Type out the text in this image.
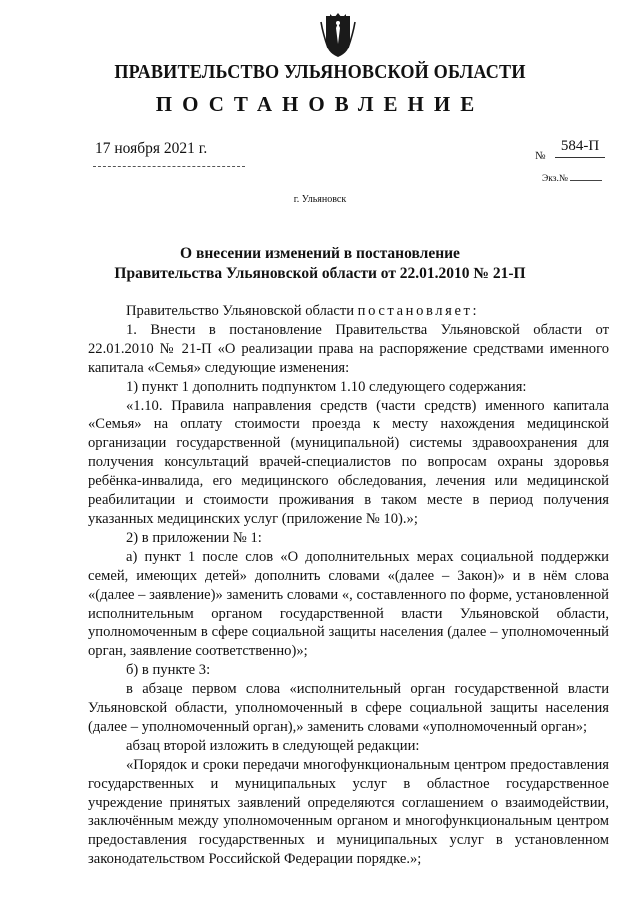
ПРАВИТЕЛЬСТВО УЛЬЯНОВСКОЙ ОБЛАСТИ
ПОСТАНОВЛЕНИЕ
17 ноября 2021 г.	№
584-П
Экз.№
г. Ульяновск
О внесении изменений в постановление
Правительства Ульяновской области от 22.01.2010 № 21-П

Правительство Ульяновской области постановляет:

1. Внести в постановление Правительства Ульяновской области от 22.01.2010 № 21-П «О реализации права на распоряжение средствами именного капитала «Семья» следующие изменения:

1) пункт 1 дополнить подпунктом 1.10 следующего содержания:

«1.10. Правила направления средств (части средств) именного капитала «Семья» на оплату стоимости проезда к месту нахождения медицинской организации государственной (муниципальной) системы здравоохранения для получения консультаций врачей-специалистов по вопросам охраны здоровья ребёнка-инвалида, его медицинского обследования, лечения или медицинской реабилитации и стоимости проживания в таком месте в период получения указанных медицинских услуг (приложение № 10).»;

2) в приложении № 1:

а) пункт 1 после слов «О дополнительных мерах социальной поддержки семей, имеющих детей» дополнить словами «(далее – Закон)» и в нём слова «(далее – заявление)» заменить словами «, составленного по форме, установленной исполнительным органом государственной власти Ульяновской области, уполномоченным в сфере социальной защиты населения (далее – уполномоченный орган, заявление соответственно)»;

б) в пункте 3:

в абзаце первом слова «исполнительный орган государственной власти Ульяновской области, уполномоченный в сфере социальной защиты населения (далее – уполномоченный орган),» заменить словами «уполномоченный орган»;

абзац второй изложить в следующей редакции:

«Порядок и сроки передачи многофункциональным центром предоставления государственных и муниципальных услуг в областное государственное учреждение принятых заявлений определяются соглашением о взаимодействии, заключённым между уполномоченным органом и многофункциональным центром предоставления государственных и муниципальных услуг в установленном законодательством Российской Федерации порядке.»;
